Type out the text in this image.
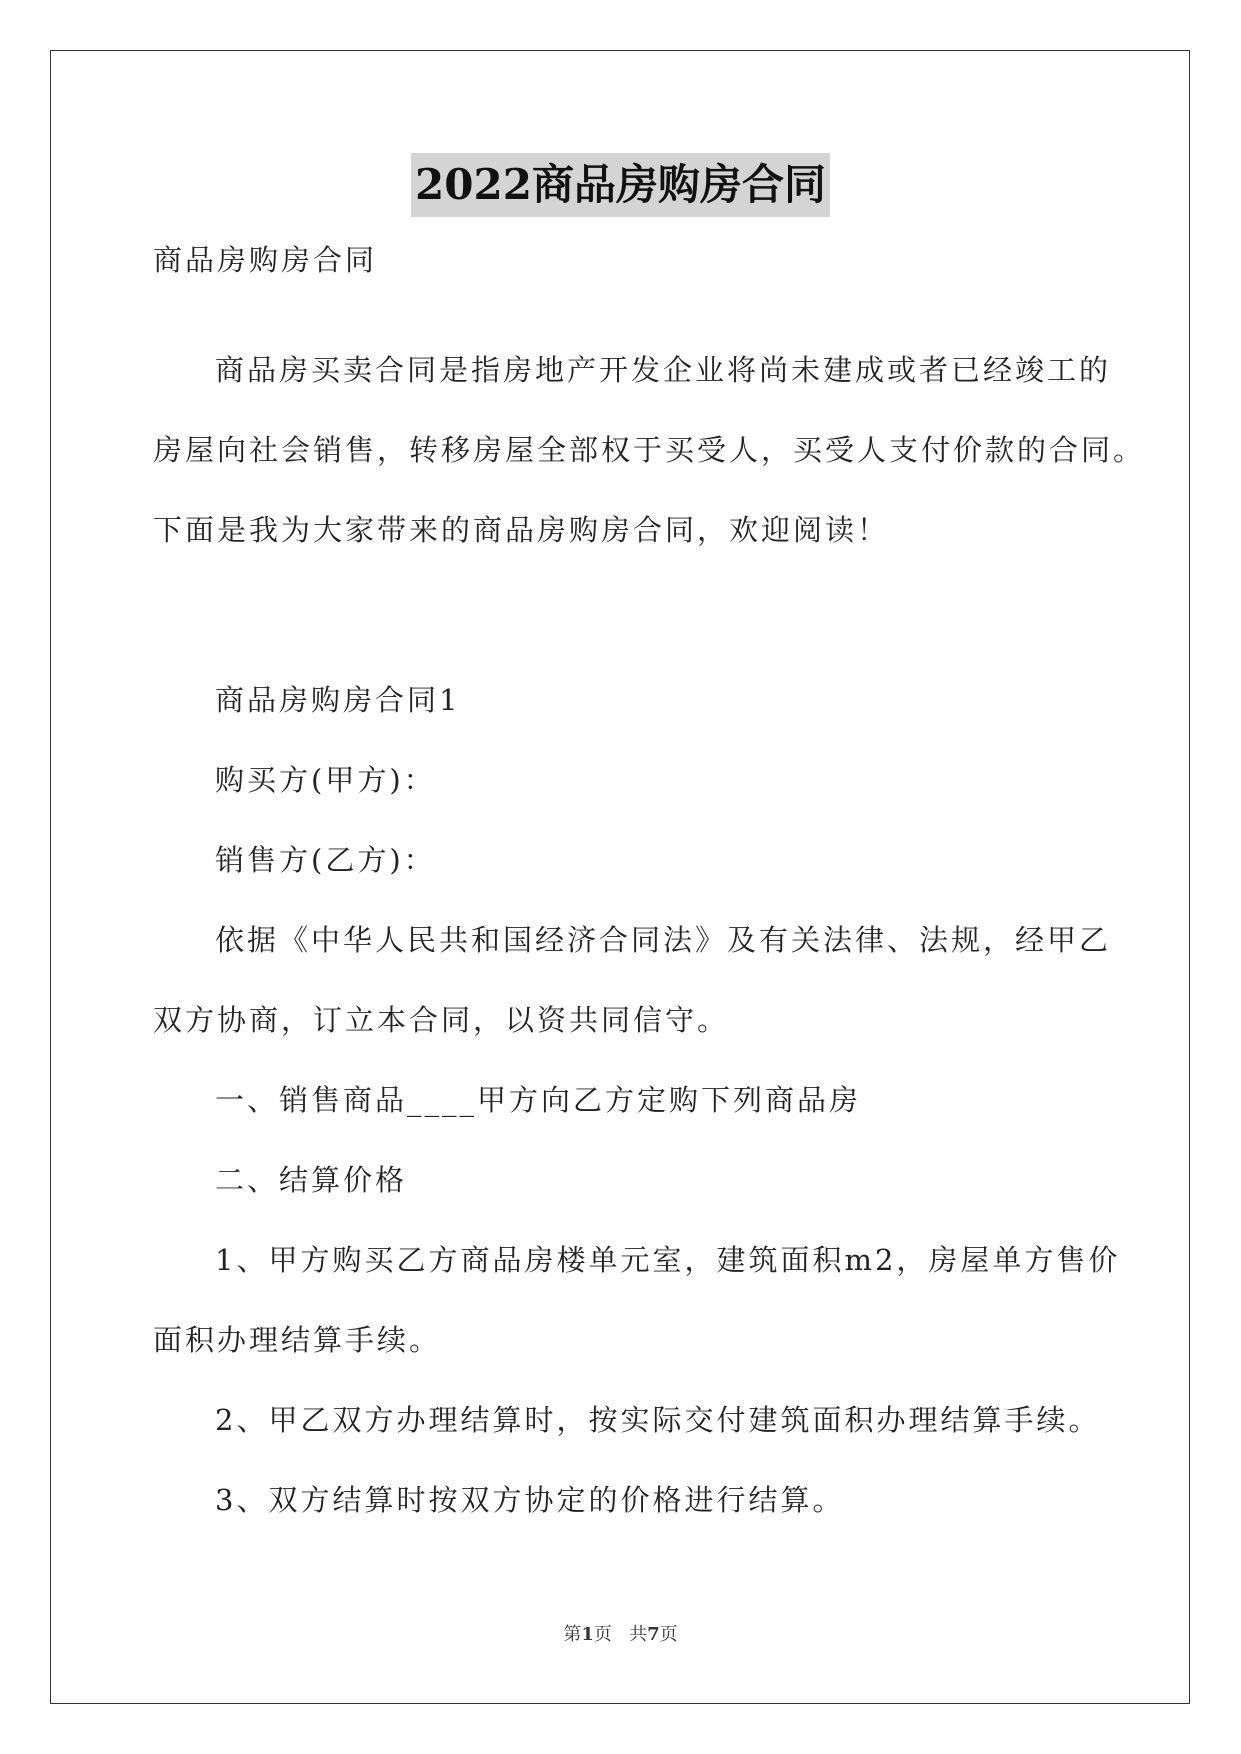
2022商品房购房合同
商品房购房合同
商品房买卖合同是指房地产开发企业将尚未建成或者已经竣工的
房屋向社会销售，转移房屋全部权于买受人，买受人支付价款的合同。
下面是我为大家带来的商品房购房合同，欢迎阅读！
商品房购房合同1
购买方(甲方)：
销售方(乙方)：
依据《中华人民共和国经济合同法》及有关法律、法规，经甲乙
双方协商，订立本合同，以资共同信守。
一、销售商品____甲方向乙方定购下列商品房
二、结算价格
1、甲方购买乙方商品房楼单元室，建筑面积m2，房屋单方售价
面积办理结算手续。
2、甲乙双方办理结算时，按实际交付建筑面积办理结算手续。
3、双方结算时按双方协定的价格进行结算。
第1页   共7页
